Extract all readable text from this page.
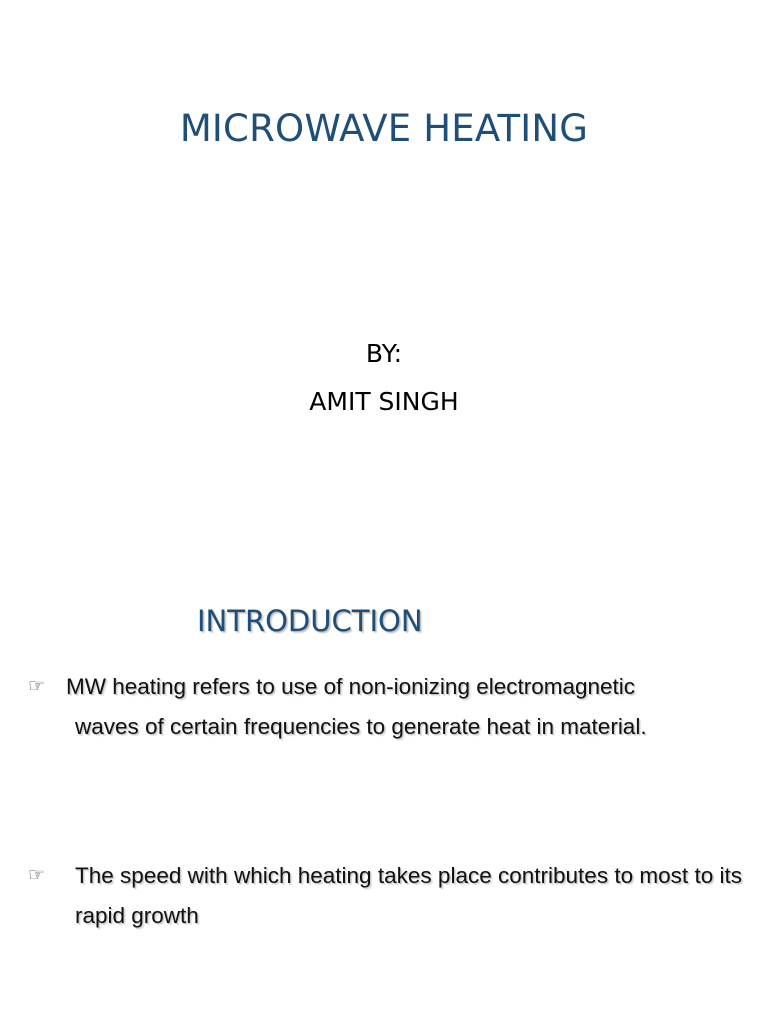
MICROWAVE HEATING
BY:
AMIT SINGH
INTRODUCTION
☞ MW heating refers to use of non-ionizing electromagnetic
waves of certain frequencies to generate heat in material.
☞	The speed with which heating takes place contributes to most to its rapid growth
